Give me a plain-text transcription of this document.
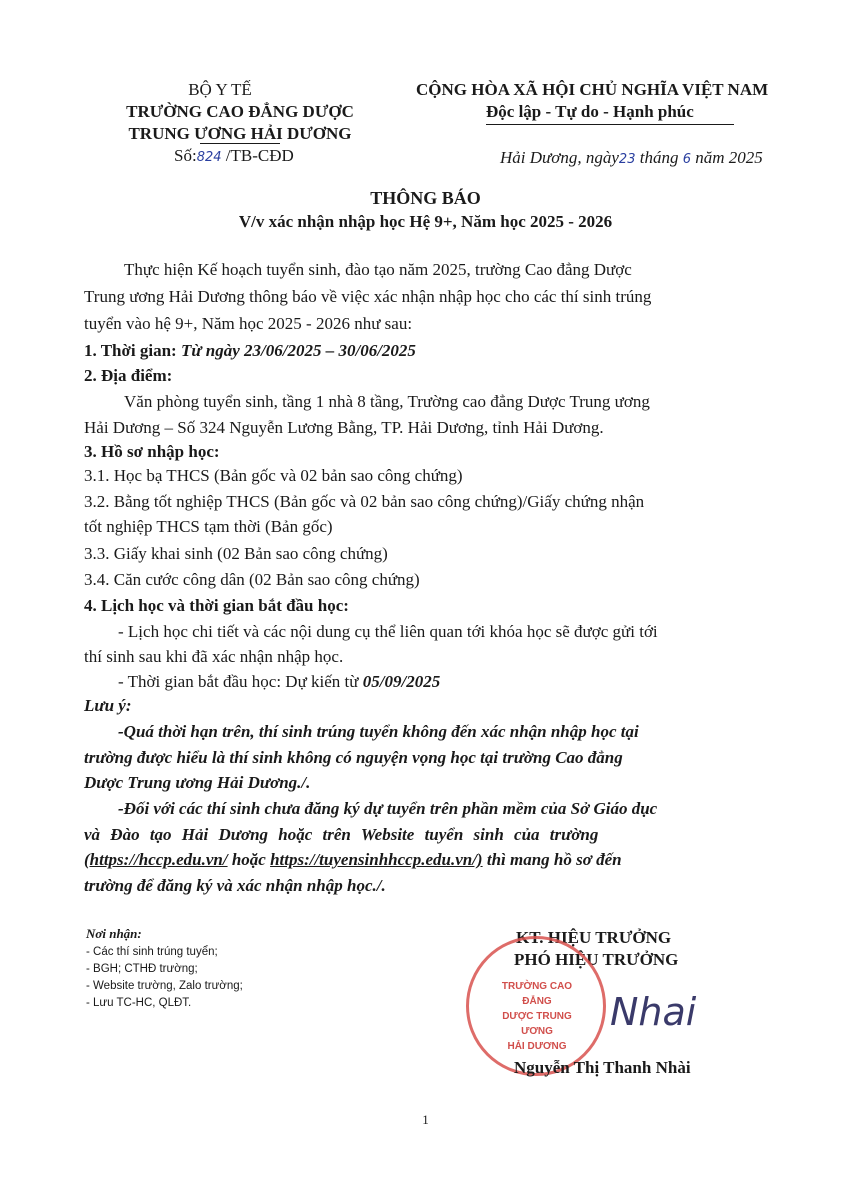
BỘ Y TẾ
TRƯỜNG CAO ĐẲNG DƯỢC
TRUNG ƯƠNG HẢI DƯƠNG
Số:824 /TB-CĐD
CỘNG HÒA XÃ HỘI CHỦ NGHĨA VIỆT NAM
Độc lập - Tự do - Hạnh phúc
Hải Dương, ngày23 tháng 6 năm 2025
THÔNG BÁO
V/v xác nhận nhập học Hệ 9+, Năm học 2025 - 2026
Thực hiện Kế hoạch tuyển sinh, đào tạo năm 2025, trường Cao đẳng Dược
Trung ương Hải Dương thông báo về việc xác nhận nhập học cho các thí sinh trúng
tuyển vào hệ 9+, Năm học 2025 - 2026 như sau:
1. Thời gian: Từ ngày 23/06/2025 – 30/06/2025
2. Địa điểm:
Văn phòng tuyển sinh, tầng 1 nhà 8 tầng, Trường cao đẳng Dược Trung ương
Hải Dương – Số 324 Nguyễn Lương Bằng, TP. Hải Dương, tỉnh Hải Dương.
3. Hồ sơ nhập học:
3.1. Học bạ THCS (Bản gốc và 02 bản sao công chứng)
3.2. Bằng tốt nghiệp THCS (Bản gốc và 02 bản sao công chứng)/Giấy chứng nhận
tốt nghiệp THCS tạm thời (Bản gốc)
3.3. Giấy khai sinh (02 Bản sao công chứng)
3.4. Căn cước công dân (02 Bản sao công chứng)
4. Lịch học và thời gian bắt đầu học:
- Lịch học chi tiết và các nội dung cụ thể liên quan tới khóa học sẽ được gửi tới
thí sinh sau khi đã xác nhận nhập học.
- Thời gian bắt đầu học: Dự kiến từ 05/09/2025
Lưu ý:
-Quá thời hạn trên, thí sinh trúng tuyển không đến xác nhận nhập học tại
trường được hiểu là thí sinh không có nguyện vọng học tại trường Cao đẳng
Dược Trung ương Hải Dương./.
-Đối với các thí sinh chưa đăng ký dự tuyển trên phần mềm của Sở Giáo dục
và Đào tạo Hải Dương hoặc trên Website tuyển sinh của trường
(https://hccp.edu.vn/ hoặc https://tuyensinhhccp.edu.vn/) thì mang hồ sơ đến
trường để đăng ký và xác nhận nhập học./.
Nơi nhận:
- Các thí sinh trúng tuyển;
- BGH; CTHĐ trường;
- Website trường, Zalo trường;
- Lưu TC-HC, QLĐT.
KT. HIỆU TRƯỞNG
PHÓ HIỆU TRƯỞNG
TRƯỜNG CAO ĐẲNG
DƯỢC TRUNG ƯƠNG
HẢI DƯƠNG
Nhai
Nguyễn Thị Thanh Nhài
1
